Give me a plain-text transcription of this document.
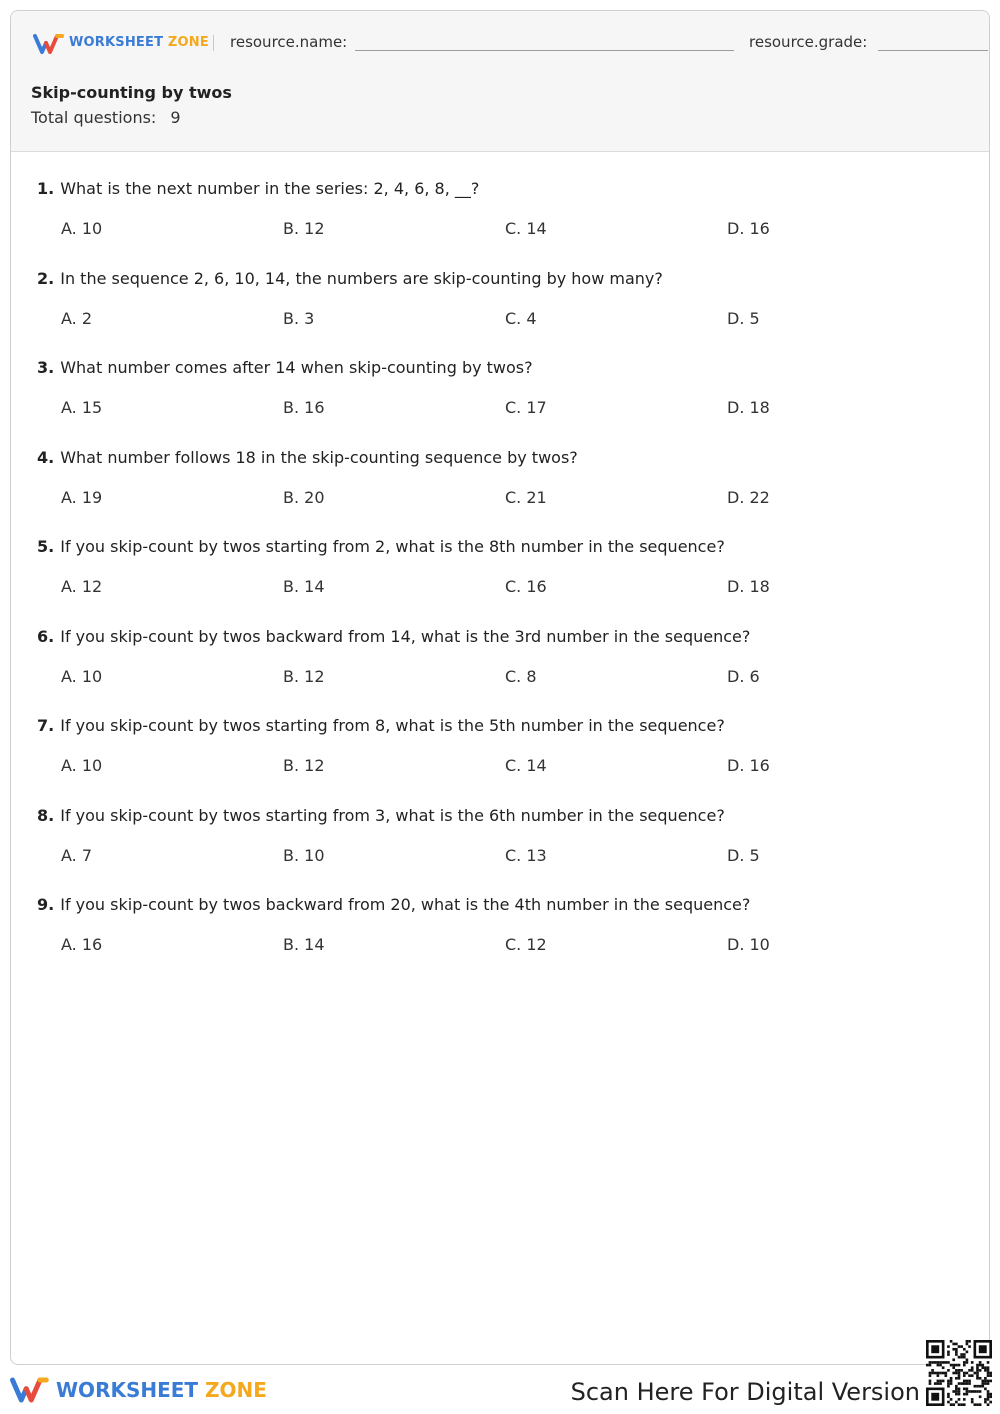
WORKSHEET ZONE resource.name:	resource.grade:
Skip-counting by twos
Total questions: 9
1. What is the next number in the series: 2, 4, 6, 8, __?
A. 10	B. 12	C. 14	D. 16
2. In the sequence 2, 6, 10, 14, the numbers are skip-counting by how many?
A. 2	B. 3	C. 4	D. 5
3. What number comes after 14 when skip-counting by twos?
A. 15	B. 16	C. 17	D. 18
4. What number follows 18 in the skip-counting sequence by twos?
A. 19	B. 20	C. 21	D. 22
5. If you skip-count by twos starting from 2, what is the 8th number in the sequence?
A. 12	B. 14	C. 16	D. 18
6. If you skip-count by twos backward from 14, what is the 3rd number in the sequence?
A. 10	B. 12	C. 8	D. 6
7. If you skip-count by twos starting from 8, what is the 5th number in the sequence?
A. 10	B. 12	C. 14	D. 16
8. If you skip-count by twos starting from 3, what is the 6th number in the sequence?
A. 7	B. 10	C. 13	D. 5
9. If you skip-count by twos backward from 20, what is the 4th number in the sequence?
A. 16	B. 14	C. 12	D. 10
WORKSHEET ZONE	Scan Here For Digital Version
